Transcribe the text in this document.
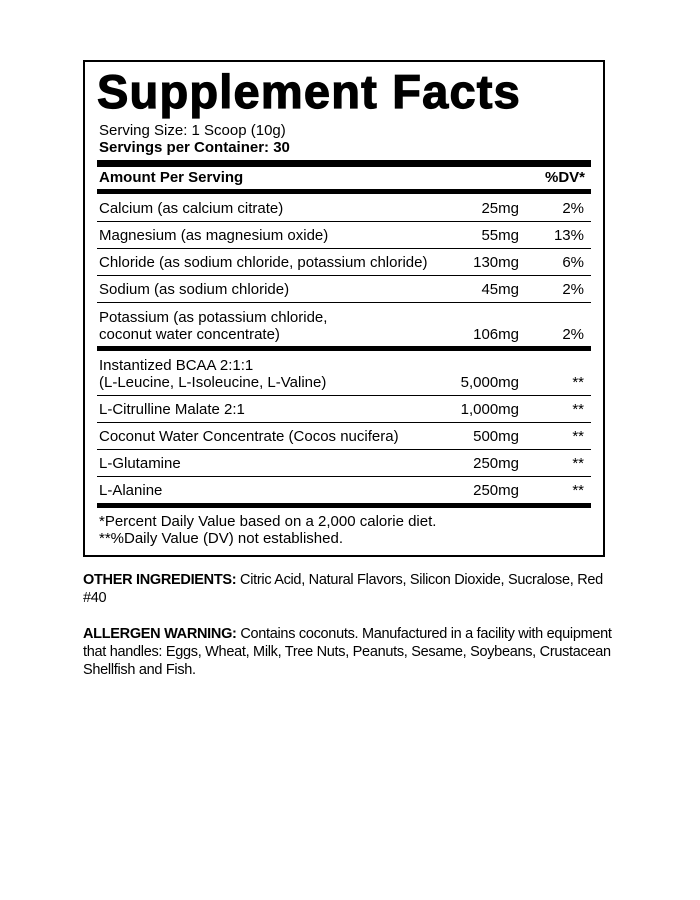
Supplement Facts
Serving Size: 1 Scoop (10g)
Servings per Container: 30
Amount Per Serving	%DV*
Calcium (as calcium citrate)	25mg	2%
Magnesium (as magnesium oxide)	55mg 13%
Chloride (as sodium chloride, potassium chloride)	130mg	6%
Sodium (as sodium chloride)	45mg	2%
Potassium (as potassium chloride,
coconut water concentrate)	106mg	2%
Instantized BCAA 2:1:1
(L-Leucine, L-Isoleucine, L-Valine)	5,000mg	**
L-Citrulline Malate 2:1	1,000mg	**
Coconut Water Concentrate (Cocos nucifera)	500mg	**
L-Glutamine	250mg	**
L-Alanine	250mg	**
*Percent Daily Value based on a 2,000 calorie diet.
**%Daily Value (DV) not established.
OTHER INGREDIENTS: Citric Acid, Natural Flavors, Silicon Dioxide, Sucralose, Red #40
ALLERGEN WARNING: Contains coconuts. Manufactured in a facility with equipment that handles: Eggs, Wheat, Milk, Tree Nuts, Peanuts, Sesame, Soybeans, Crustacean Shellfish and Fish.
